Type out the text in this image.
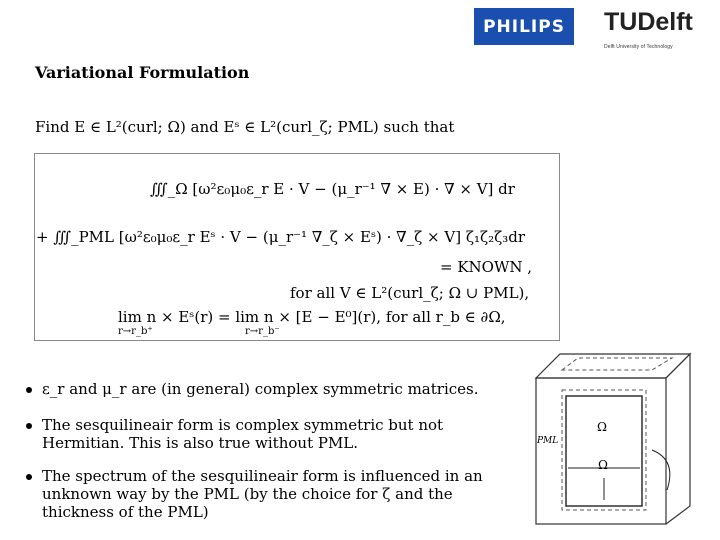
PHILIPS TUDelft
Delft University of Technology
Variational Formulation
Find E ∈ L²(curl; Ω) and Eˢ ∈ L²(curl_ζ; PML) such that
∭_Ω [ω²ε₀μ₀ε_r E · V − (μ_r⁻¹ ∇ × E) · ∇ × V] dr
+ ∭_PML [ω²ε₀μ₀ε_r Eˢ · V − (μ_r⁻¹ ∇_ζ × Eˢ) · ∇_ζ × V] ζ₁ζ₂ζ₃dr
= KNOWN ,
for all V ∈ L²(curl_ζ; Ω ∪ PML),
lim n × Eˢ(r) = lim n × [E − E⁰](r), for all r_b ∈ ∂Ω,
r→r_b⁺	r→r_b⁻
ε_r and μ_r are (in general) complex symmetric matrices.
The sesquilineair form is complex symmetric but not Hermitian. This is also true without PML.
The spectrum of the sesquilineair form is influenced in an unknown way by the PML (by the choice for ζ and the thickness of the PML)
Ω
Ω
PML
